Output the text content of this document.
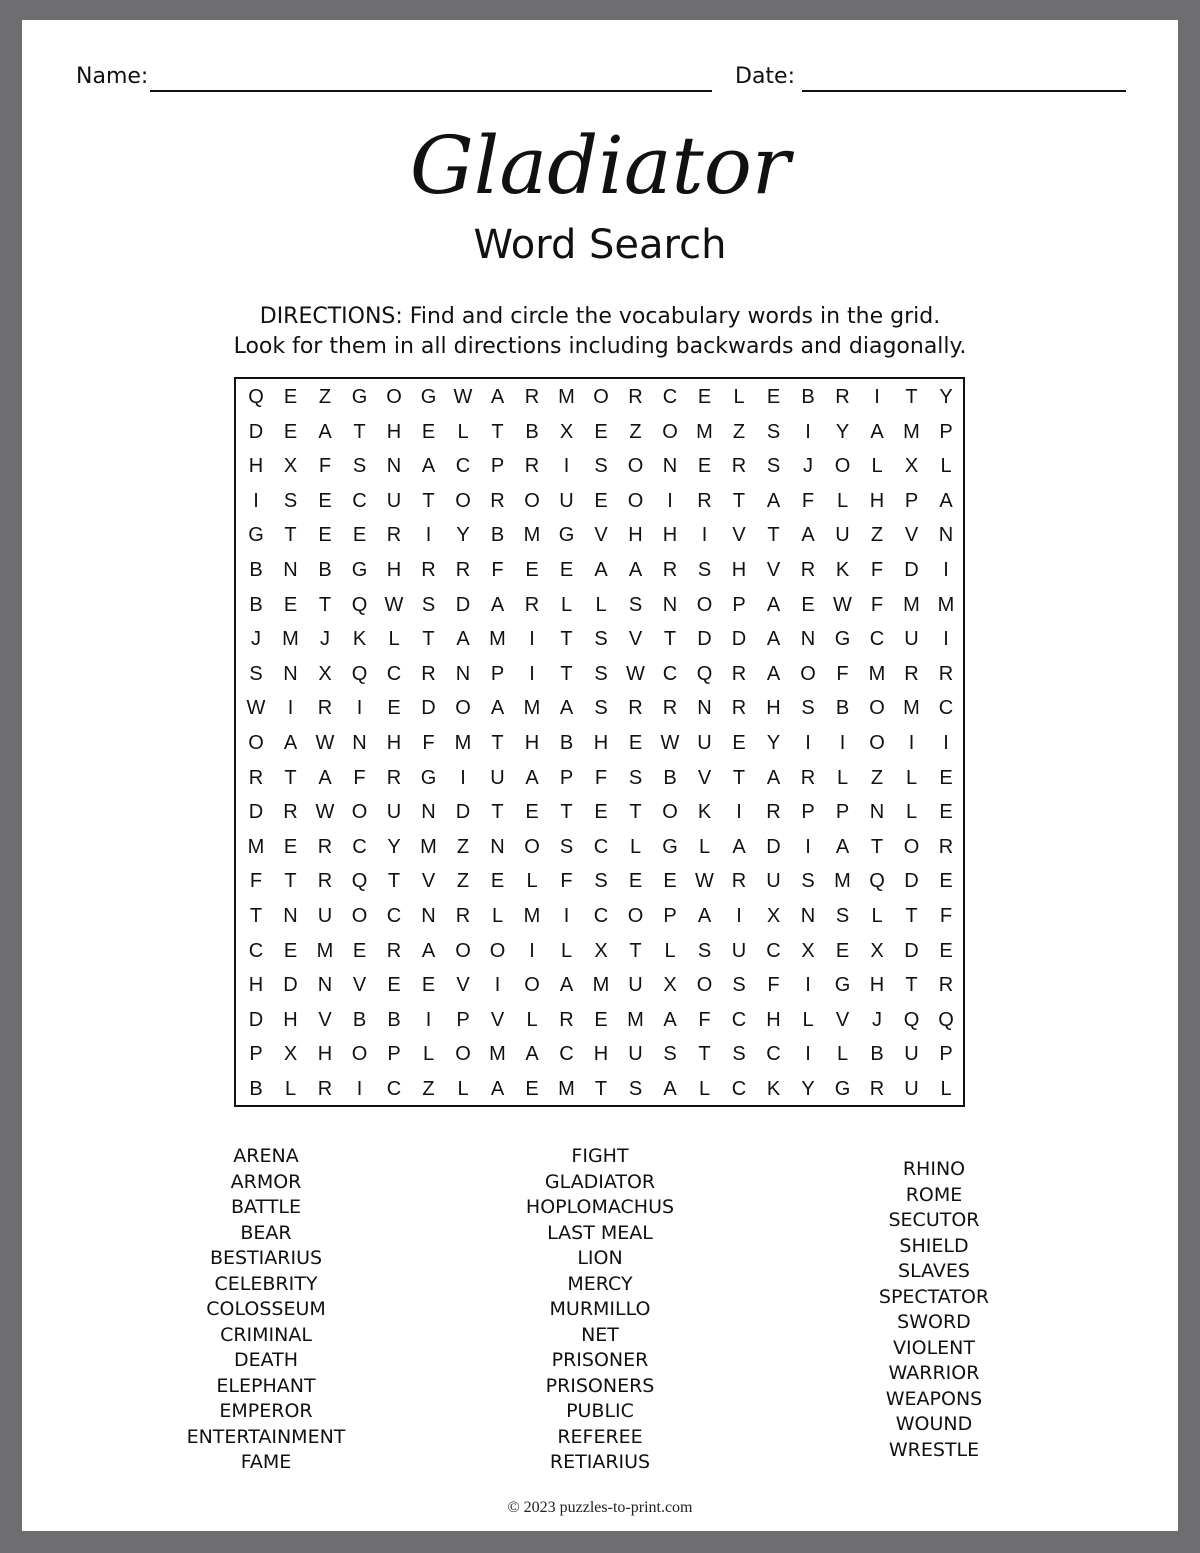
Name:	Date:
Gladiator
Word Search
DIRECTIONS: Find and circle the vocabulary words in the grid.
Look for them in all directions including backwards and diagonally.
Q	E	Z	G O G W A	R M O R	C	E	L	E	B	R	I	T	Y
D	E	A	T	H	E	L	T	B	X	E	Z	O M	Z	S	I	Y	A M P
H	X	F	S	N	A	C	P	R	I	S	O N	E	R	S	J	O	L	X	L
I	S	E	C	U	T	O R O U	E	O	I	R	T	A	F	L	H	P	A
G	T	E	E	R	I	Y	B M G	V	H	H	I	V	T	A	U	Z	V	N
B	N	B	G H	R	R	F	E	E	A	A	R	S	H	V	R	K	F	D	I
B	E	T	Q W S	D	A	R	L	L	S	N O	P	A	E W F	M M
J	M	J	K	L	T	A M	I	T	S	V	T	D	D	A	N G C	U	I
S	N	X	Q C	R	N	P	I	T	S W C Q R	A	O	F	M R	R
W	I	R	I	E	D O	A M A	S	R	R	N	R	H	S	B	O M C
O	A W N	H	F	M	T	H	B	H	E W U	E	Y	I	I	O	I	I
R	T	A	F	R G	I	U	A	P	F	S	B	V	T	A	R	L	Z	L	E
D	R W O U	N	D	T	E	T	E	T	O	K	I	R	P	P	N	L	E
M E	R	C	Y M	Z	N O	S	C	L	G	L	A	D	I	A	T	O R
F	T	R Q	T	V	Z	E	L	F	S	E	E W R	U	S M Q D	E
T	N	U O C	N	R	L	M	I	C O	P	A	I	X	N	S	L	T	F
C	E M E	R	A	O O	I	L	X	T	L	S	U	C	X	E	X	D	E
H	D	N	V	E	E	V	I	O	A M U	X	O	S	F	I	G H	T	R
D	H	V	B	B	I	P	V	L	R	E M A	F	C	H	L	V	J	Q Q
P	X	H O	P	L	O M A	C	H	U	S	T	S	C	I	L	B	U	P
B	L	R	I	C	Z	L	A	E M	T	S	A	L	C	K	Y	G R	U	L
ARENA
ARMOR
BATTLE
BEAR
BESTIARIUS
CELEBRITY
COLOSSEUM
CRIMINAL
DEATH
ELEPHANT
EMPEROR
ENTERTAINMENT
FAME
FIGHT
GLADIATOR
HOPLOMACHUS
LAST MEAL
LION
MERCY
MURMILLO
NET
PRISONER
PRISONERS
PUBLIC
REFEREE
RETIARIUS
RHINO
ROME
SECUTOR
SHIELD
SLAVES
SPECTATOR
SWORD
VIOLENT
WARRIOR
WEAPONS
WOUND
WRESTLE
© 2023 puzzles-to-print.com
